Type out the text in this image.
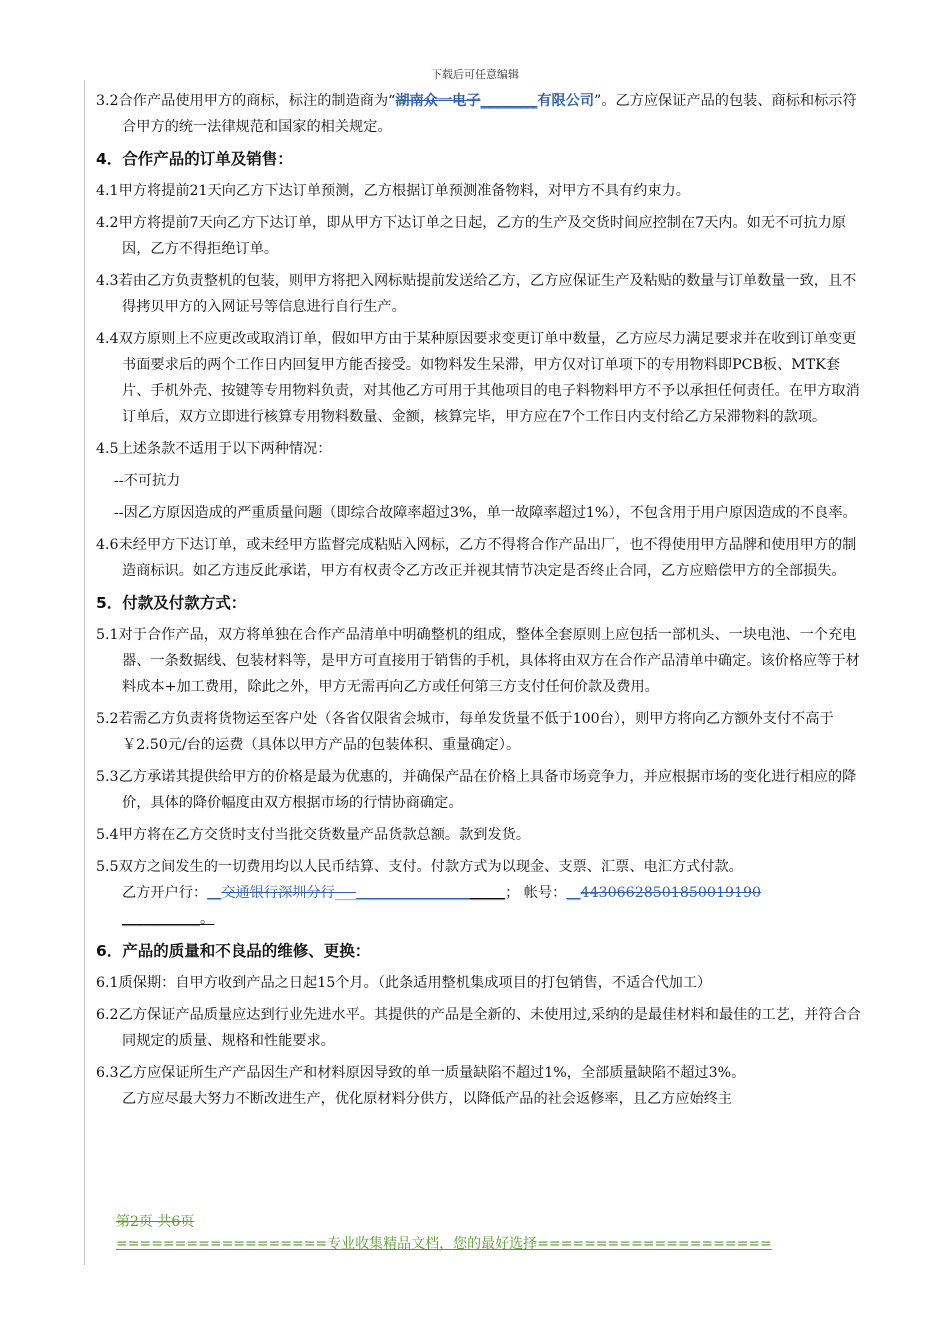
下载后可任意编辑

3.2合作产品使用甲方的商标，标注的制造商为“湖南众一电子________有限公司”。乙方应保证产品的包装、商标和标示符合甲方的统一法律规范和国家的相关规定。

4．合作产品的订单及销售：

4.1甲方将提前21天向乙方下达订单预测，乙方根据订单预测准备物料，对甲方不具有约束力。

4.2甲方将提前7天向乙方下达订单，即从甲方下达订单之日起，乙方的生产及交货时间应控制在7天内。如无不可抗力原因，乙方不得拒绝订单。

4.3若由乙方负责整机的包装，则甲方将把入网标贴提前发送给乙方，乙方应保证生产及粘贴的数量与订单数量一致，且不得拷贝甲方的入网证号等信息进行自行生产。

4.4双方原则上不应更改或取消订单，假如甲方由于某种原因要求变更订单中数量，乙方应尽力满足要求并在收到订单变更书面要求后的两个工作日内回复甲方能否接受。如物料发生呆滞，甲方仅对订单项下的专用物料即PCB板、MTK套片、手机外壳、按键等专用物料负责，对其他乙方可用于其他项目的电子料物料甲方不予以承担任何责任。在甲方取消订单后，双方立即进行核算专用物料数量、金额，核算完毕，甲方应在7个工作日内支付给乙方呆滞物料的款项。

4.5上述条款不适用于以下两种情况：

--不可抗力

--因乙方原因造成的严重质量问题（即综合故障率超过3%，单一故障率超过1%），不包含用于用户原因造成的不良率。

4.6未经甲方下达订单，或未经甲方监督完成粘贴入网标，乙方不得将合作产品出厂，也不得使用甲方品牌和使用甲方的制造商标识。如乙方违反此承诺，甲方有权责令乙方改正并视其情节决定是否终止合同，乙方应赔偿甲方的全部损失。

5．付款及付款方式：

5.1对于合作产品，双方将单独在合作产品清单中明确整机的组成，整体全套原则上应包括一部机头、一块电池、一个充电器、一条数据线、包装材料等，是甲方可直接用于销售的手机，具体将由双方在合作产品清单中确定。该价格应等于材料成本+加工费用，除此之外，甲方无需再向乙方或任何第三方支付任何价款及费用。

5.2若需乙方负责将货物运至客户处（各省仅限省会城市，每单发货量不低于100台），则甲方将向乙方额外支付不高于￥2.50元/台的运费（具体以甲方产品的包装体积、重量确定）。

5.3乙方承诺其提供给甲方的价格是最为优惠的，并确保产品在价格上具备市场竞争力，并应根据市场的变化进行相应的降价，具体的降价幅度由双方根据市场的行情协商确定。

5.4甲方将在乙方交货时支付当批交货数量产品货款总额。款到发货。

5.5双方之间发生的一切费用均以人民币结算、支付。付款方式为以现金、支票、汇票、电汇方式付款。

乙方开户行：__交通银行深圳分行________________________； 帐号：__44306628501850019190
___________。

6．产品的质量和不良品的维修、更换：

6.1质保期：自甲方收到产品之日起15个月。（此条适用整机集成项目的打包销售，不适合代加工）

6.2乙方保证产品质量应达到行业先进水平。其提供的产品是全新的、未使用过,采纳的是最佳材料和最佳的工艺，并符合合同规定的质量、规格和性能要求。

6.3乙方应保证所生产产品因生产和材料原因导致的单一质量缺陷不超过1%，全部质量缺陷不超过3%。

乙方应尽最大努力不断改进生产，优化原材料分供方，以降低产品的社会返修率，且乙方应始终主

第2页 共6页
==================专业收集精品文档，您的最好选择====================
